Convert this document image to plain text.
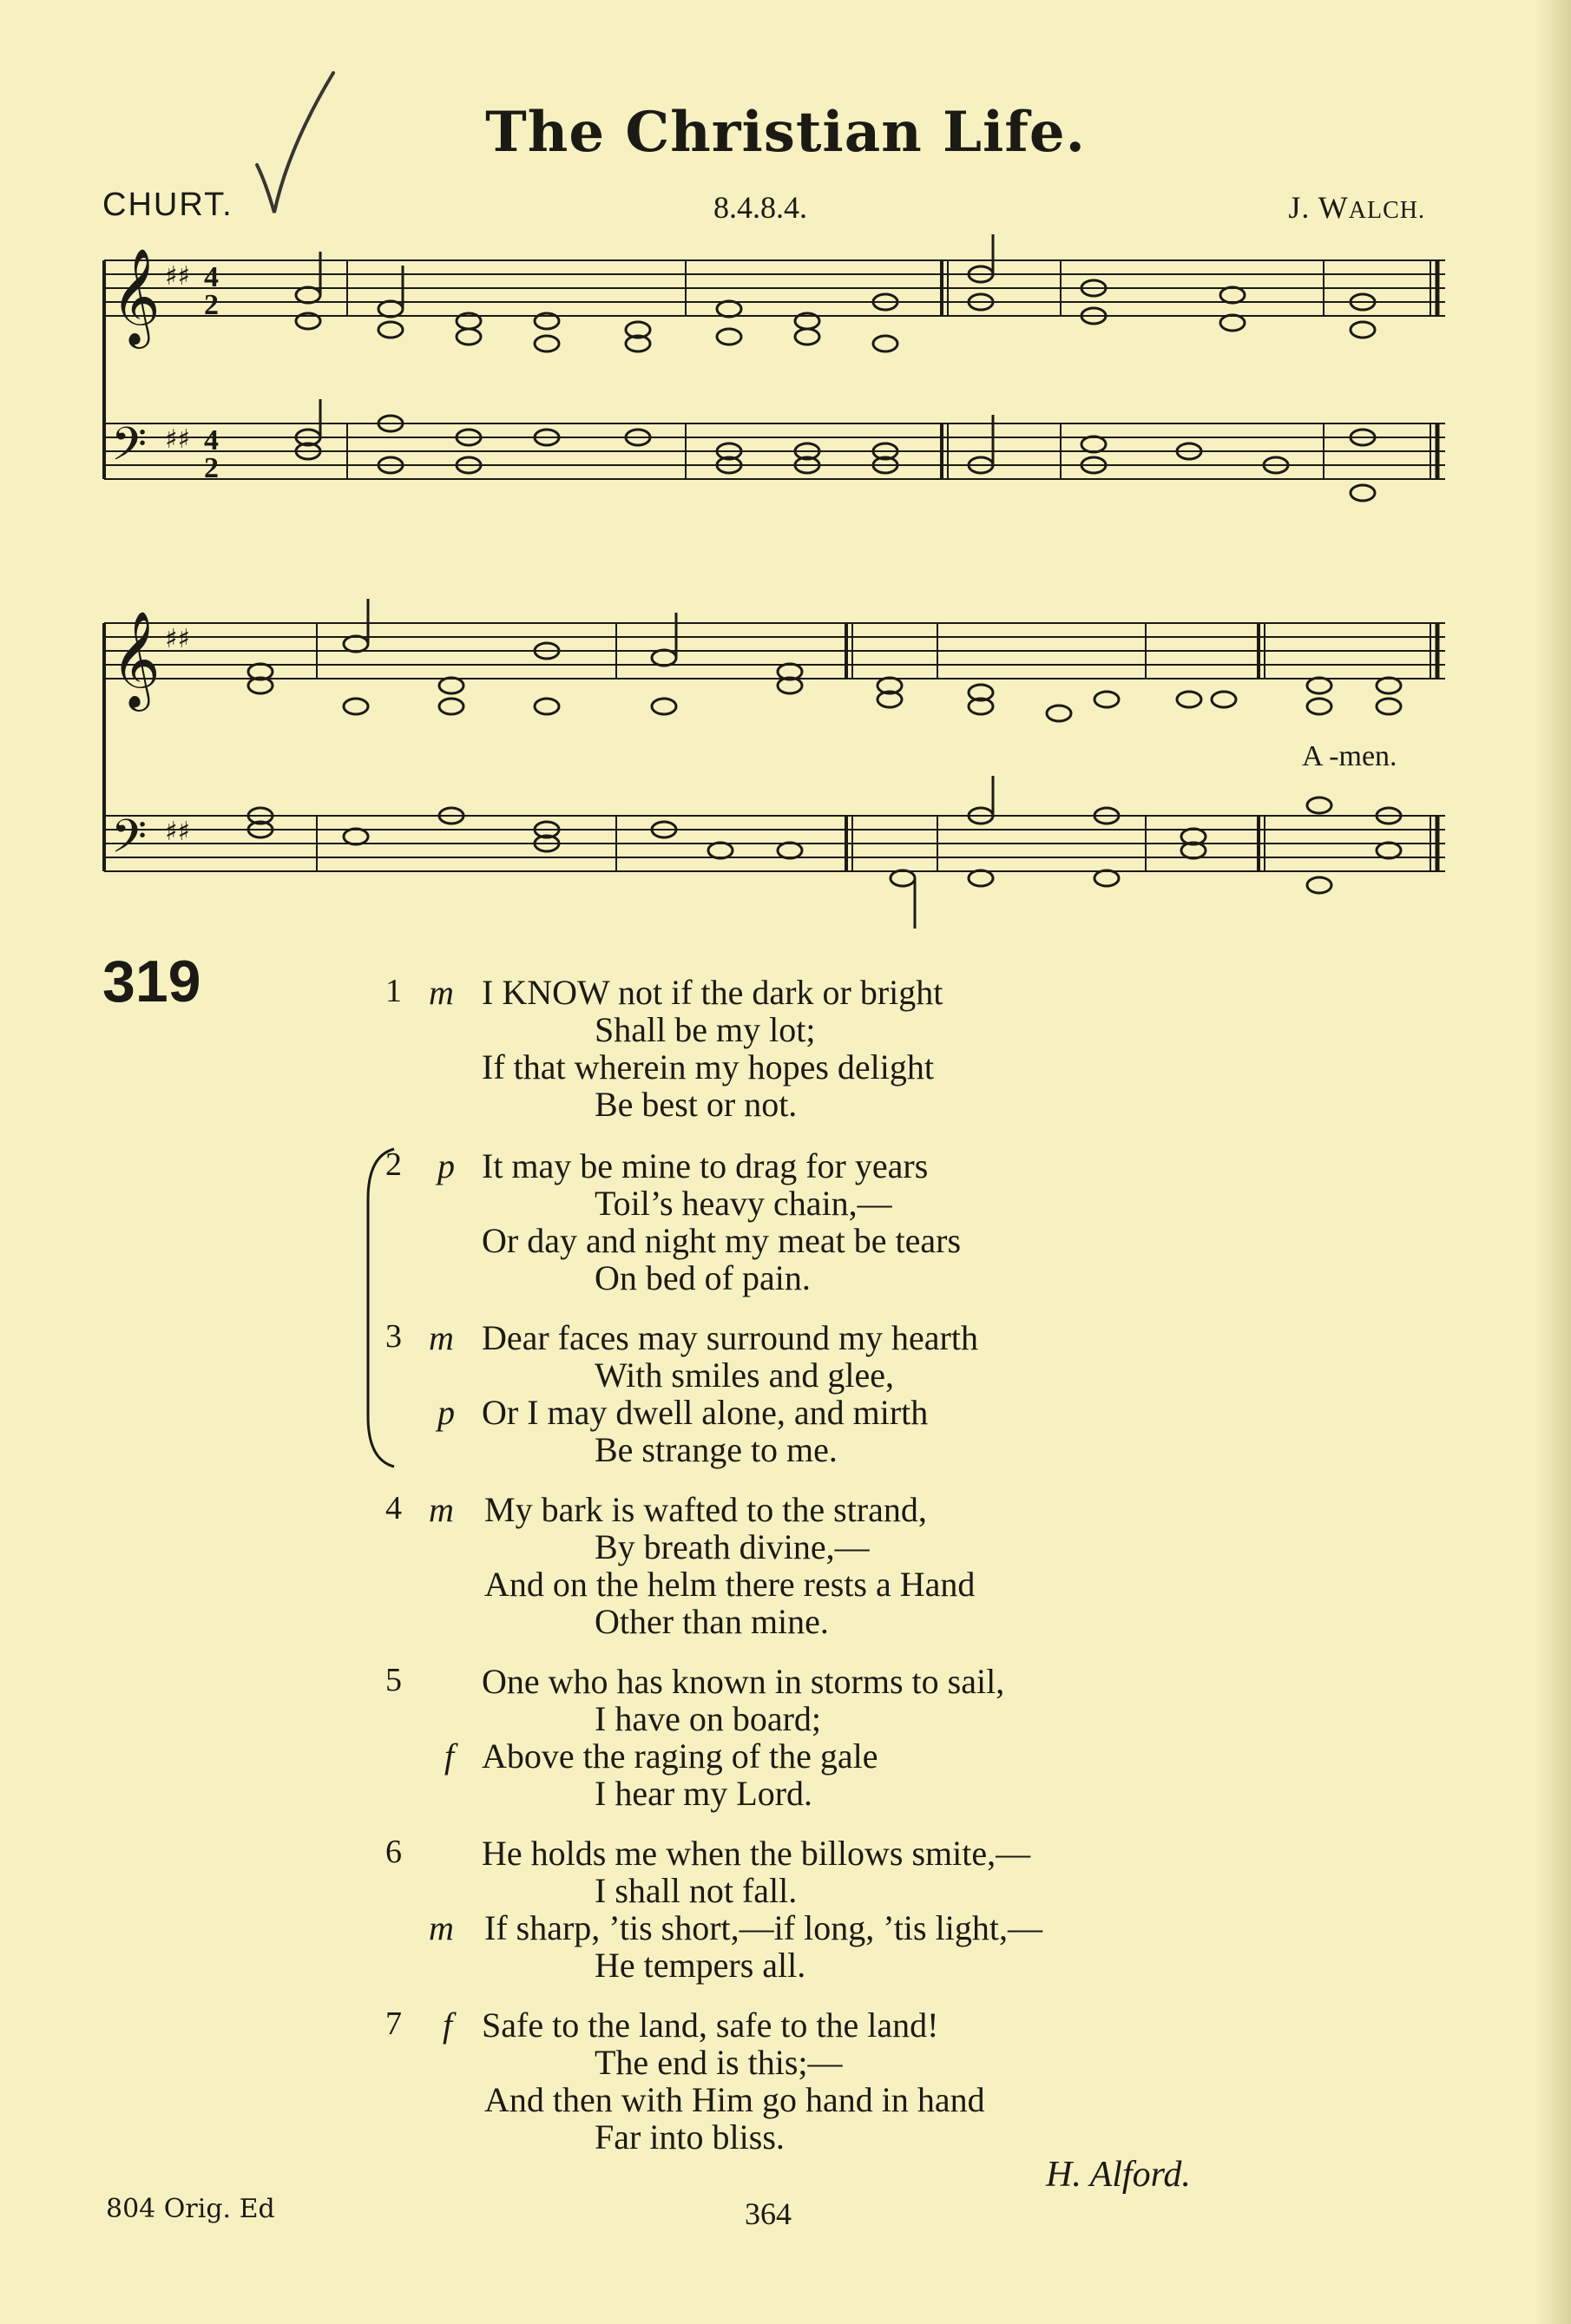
The Christian Life.
CHURT.	8.4.8.4.	J. WALCH.
𝄞
𝄢
♯♯
♯♯
4
2
4
2
𝄞
𝄢
♯♯
♯♯
A -men.
319	1 m I KNOW not if the dark or bright
Shall be my lot;
If that wherein my hopes delight
Be best or not.
2 p It may be mine to drag for years
Toil’s heavy chain,—
Or day and night my meat be tears
On bed of pain.
3 m Dear faces may surround my hearth
With smiles and glee,
p Or I may dwell alone, and mirth
Be strange to me.
4 m My bark is wafted to the strand,
By breath divine,—
And on the helm there rests a Hand
Other than mine.
5 One who has known in storms to sail,
I have on board;
f Above the raging of the gale
I hear my Lord.
6 He holds me when the billows smite,—
I shall not fall.
m If sharp, ’tis short,—if long, ’tis light,—
He tempers all.
7 f Safe to the land, safe to the land!
The end is this;—
And then with Him go hand in hand
Far into bliss.
H. Alford.
804 Orig. Ed	364
